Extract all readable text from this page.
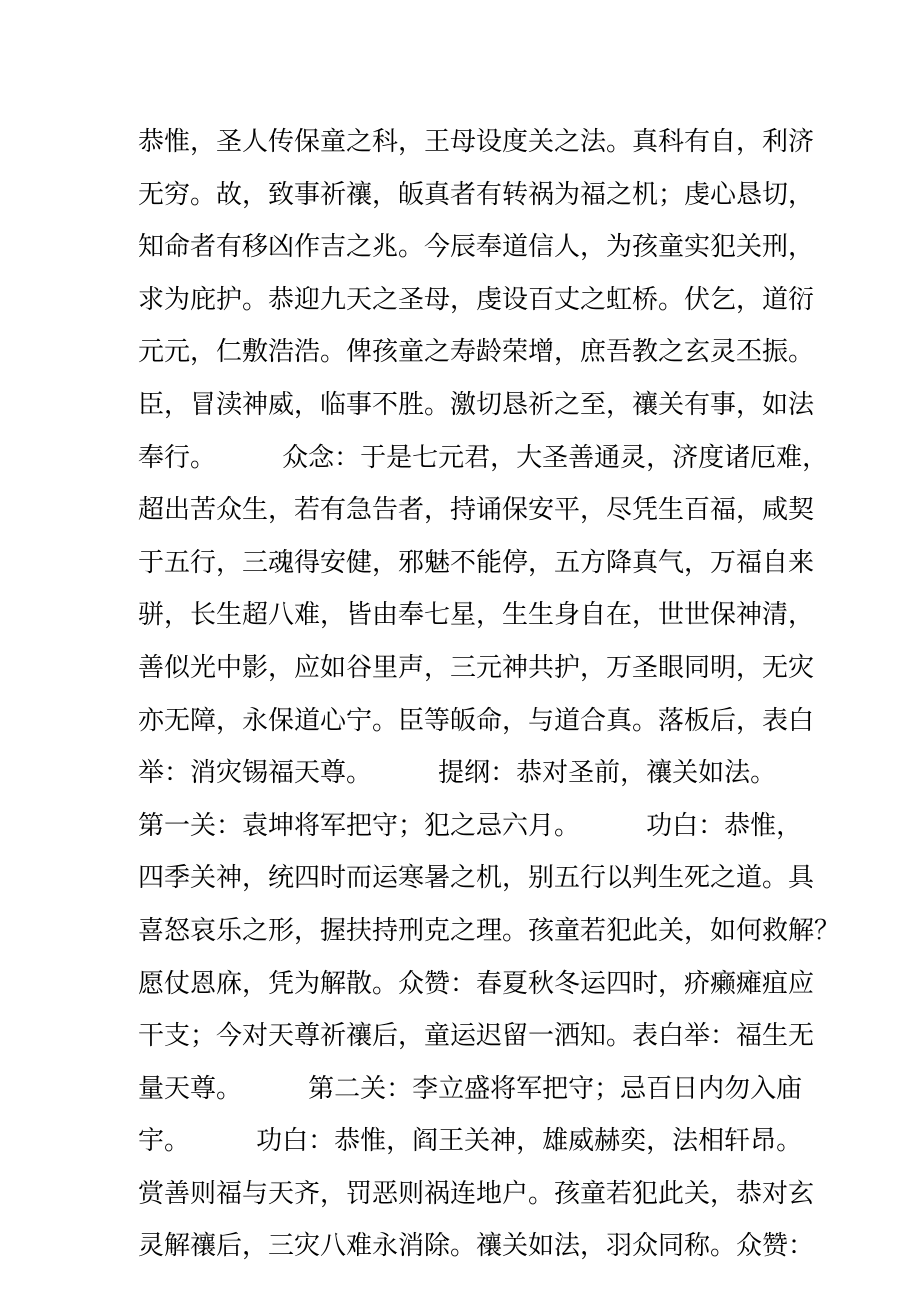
恭惟，圣人传保童之科，王母设度关之法。真科有自，利济
无穷。故，致事祈禳，皈真者有转祸为福之机；虔心恳切，
知命者有移凶作吉之兆。今辰奉道信人，为孩童实犯关刑，
求为庇护。恭迎九天之圣母，虔设百丈之虹桥。伏乞，道衍
元元，仁敷浩浩。俾孩童之寿龄荣增，庶吾教之玄灵丕振。
臣，冒渎神威，临事不胜。激切恳祈之至，禳关有事，如法
奉行。        众念：于是七元君，大圣善通灵，济度诸厄难，
超出苦众生，若有急告者，持诵保安平，尽凭生百福，咸契
于五行，三魂得安健，邪魅不能停，五方降真气，万福自来
骈，长生超八难，皆由奉七星，生生身自在，世世保神清，
善似光中影，应如谷里声，三元神共护，万圣眼同明，无灾
亦无障，永保道心宁。臣等皈命，与道合真。落板后，表白
举：消灾锡福天尊。        提纲：恭对圣前，禳关如法。
第一关：袁坤将军把守；犯之忌六月。        功白：恭惟，
四季关神，统四时而运寒暑之机，别五行以判生死之道。具
喜怒哀乐之形，握扶持刑克之理。孩童若犯此关，如何救解？
愿仗恩庥，凭为解散。众赞：春夏秋冬运四时，疥癞瘫疽应
干支；今对天尊祈禳后，童运迟留一洒知。表白举：福生无
量天尊。        第二关：李立盛将军把守；忌百日内勿入庙
宇。        功白：恭惟，阎王关神，雄威赫奕，法相轩昂。
赏善则福与天齐，罚恶则祸连地户。孩童若犯此关，恭对玄
灵解禳后，三灾八难永消除。禳关如法，羽众同称。众赞：
